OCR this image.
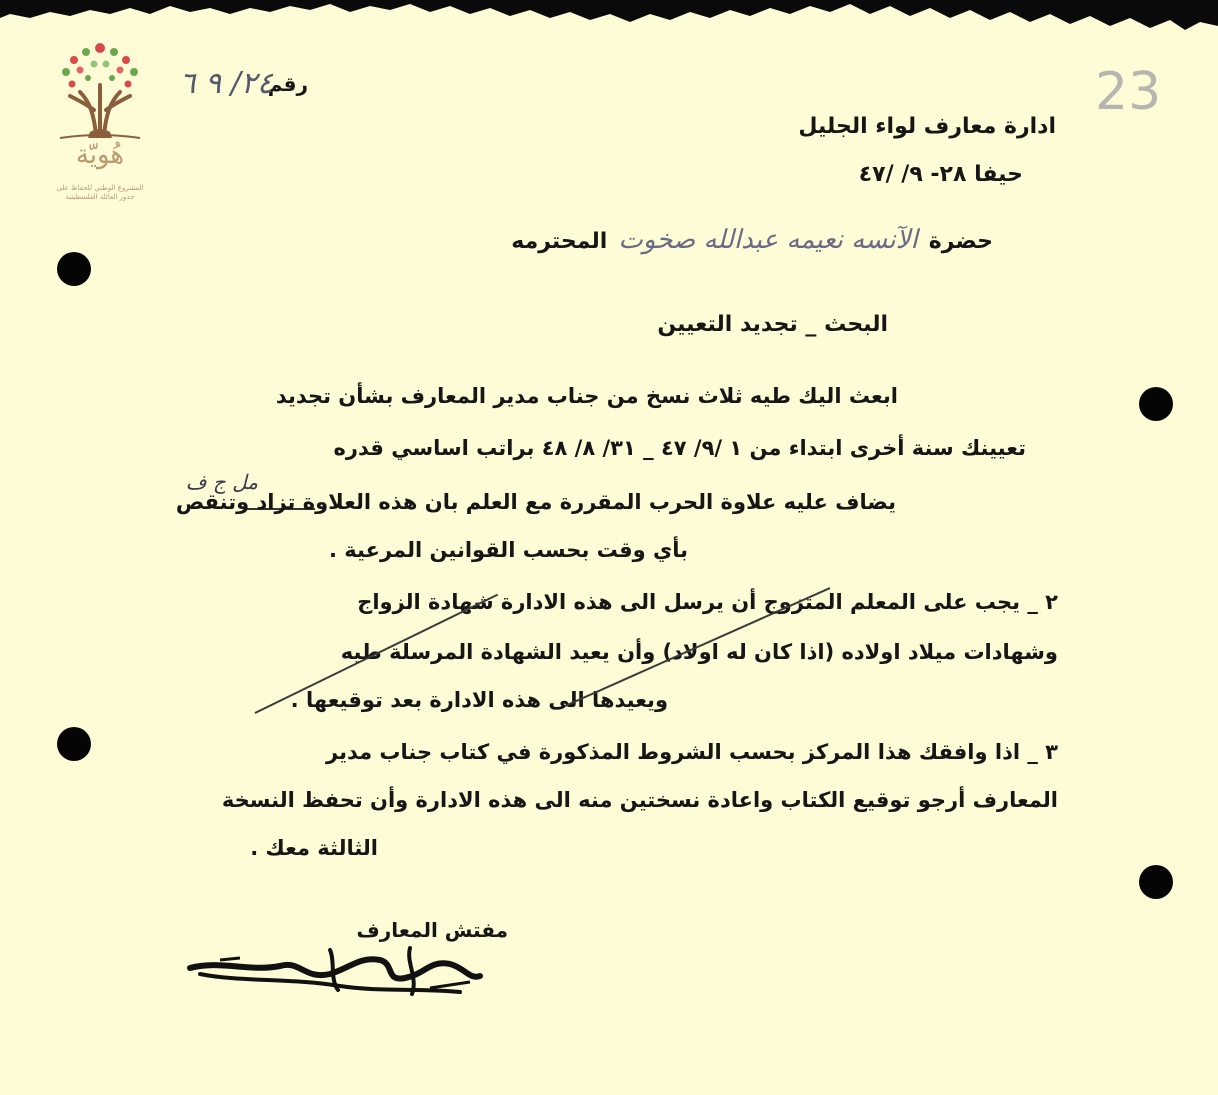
هُويّة
المشروع الوطني للحفاظ على
جذور العائلة الفلسطينية
23
رقم
٢٤/ ٩ ٦
ادارة معارف لواء الجليل
حيفا ٢٨- ٩/ /٤٧
حضرة الآنسه نعيمه عبدالله صخوت المحترمه
البحث _ تجديد التعيين
ابعث اليك طيه ثلاث نسخ من جناب مدير المعارف بشأن تجديد
تعيينك سنة أخرى ابتداء من ١ /٩/ ٤٧ _ ٣١/ ٨/ ٤٨ براتب اساسي قدره
مل ج ف
يضاف عليه علاوة الحرب المقررة مع العلم بان هذه العلاوة تزاد وتنقص
بأي وقت بحسب القوانين المرعية .
٢ _ يجب على المعلم المتزوج أن يرسل الى هذه الادارة شهادة الزواج
وشهادات ميلاد اولاده (اذا كان له اولاد) وأن يعيد الشهادة المرسلة طيه
ويعيدها الى هذه الادارة بعد توقيعها .
٣ _ اذا وافقك هذا المركز بحسب الشروط المذكورة في كتاب جناب مدير
المعارف أرجو توقيع الكتاب واعادة نسختين منه الى هذه الادارة وأن تحفظ النسخة
الثالثة معك .
مفتش المعارف
